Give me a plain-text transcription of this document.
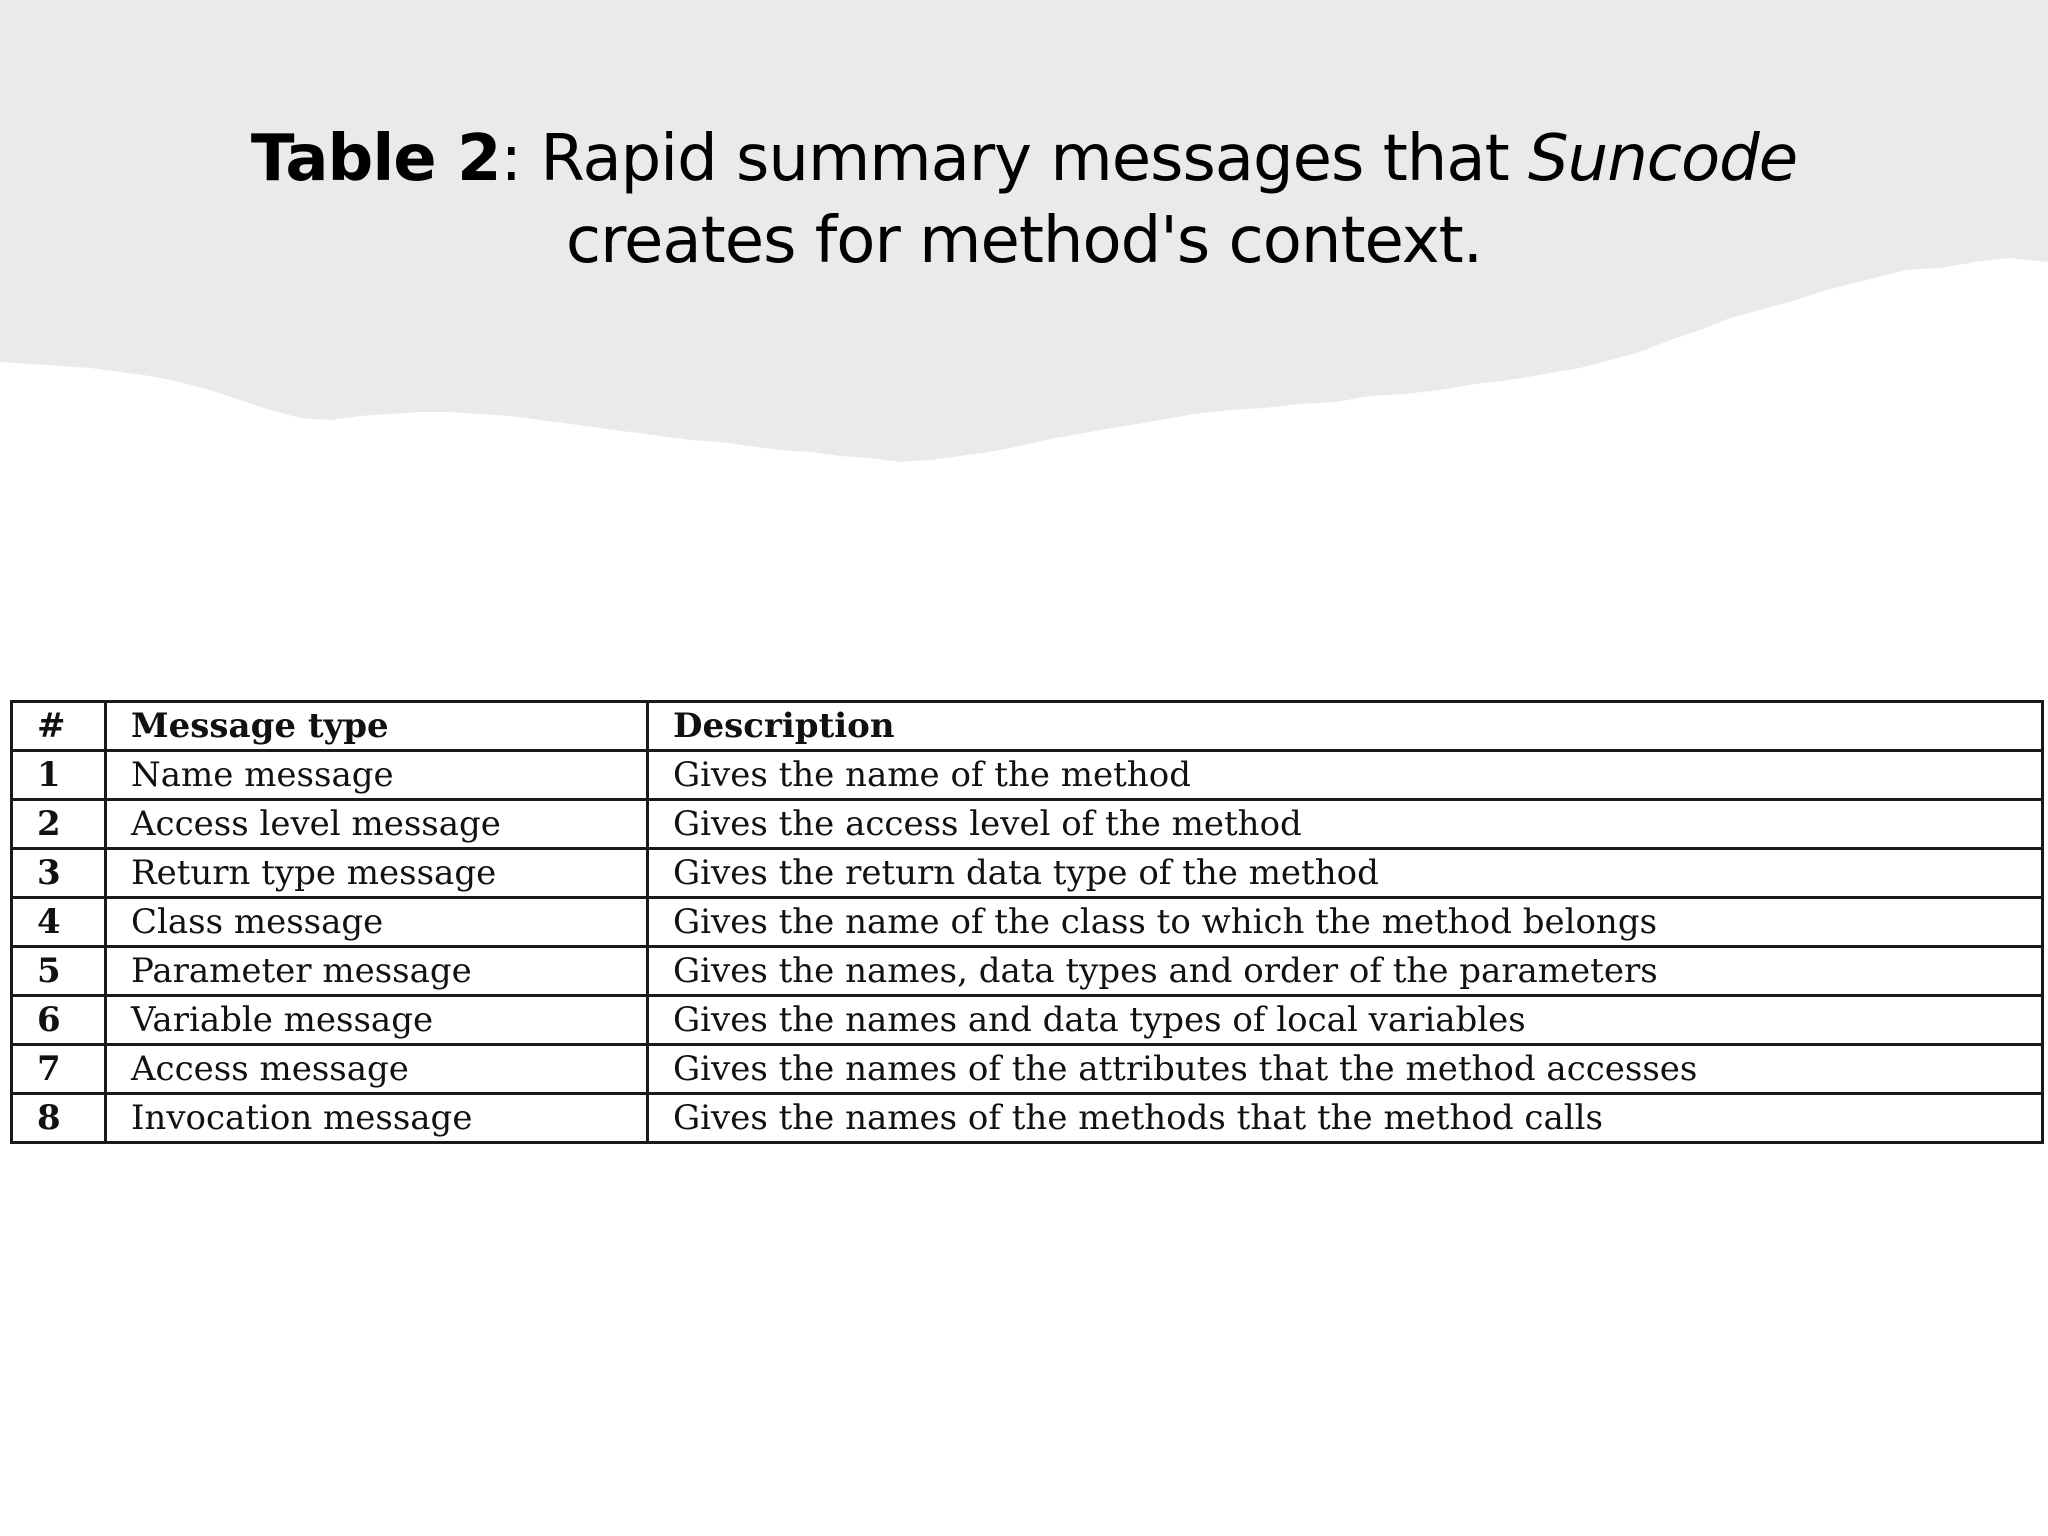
Table 2: Rapid summary messages that Suncode creates for method's context.
#	Message type	Description
1	Name message	Gives the name of the method
2	Access level message	Gives the access level of the method
3	Return type message	Gives the return data type of the method
4	Class message	Gives the name of the class to which the method belongs
5	Parameter message	Gives the names, data types and order of the parameters
6	Variable message	Gives the names and data types of local variables
7	Access message	Gives the names of the attributes that the method accesses
8	Invocation message	Gives the names of the methods that the method calls
